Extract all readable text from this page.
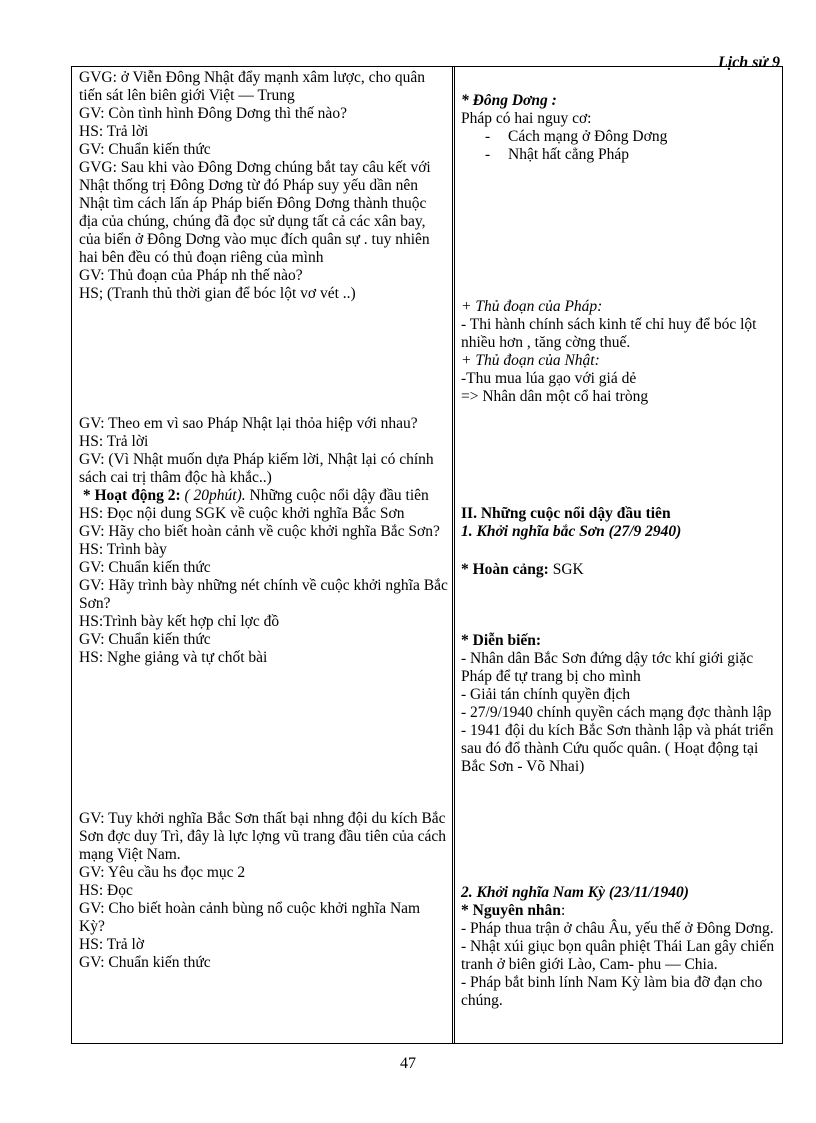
Lịch sử 9

GVG: ở Viễn Đông Nhật đẩy mạnh xâm lược, cho quân tiến sát lên biên giới Việt — Trung

GV: Còn tình hình Đông Dơng thì thế nào?

HS: Trả lời

GV: Chuẩn kiến thức

GVG: Sau khi vào Đông Dơng chúng bắt tay câu kết với Nhật thống trị Đông Dơng từ đó Pháp suy yếu dần nên Nhật tìm cách lấn áp Pháp biến Đông Dơng thành thuộc địa của chúng, chúng đã đọc sử dụng tất cả các xân bay, của biển ở Đông Dơng vào mục đích quân sự . tuy nhiên hai bên đều có thủ đoạn riêng của mình

GV: Thủ đoạn của Pháp nh thế nào?

HS; (Tranh thủ thời gian để bóc lột vơ vét ..)

GV: Theo em vì sao Pháp Nhật lại thỏa hiệp với nhau?

HS: Trả lời

GV: (Vì Nhật muốn dựa Pháp kiếm lời, Nhật lại có chính sách cai trị thâm độc hà khắc..)

* Hoạt động 2: ( 20phút). Những cuộc nổi dậy đầu tiên

HS: Đọc nội dung SGK về cuộc khởi nghĩa Bắc Sơn

GV: Hãy cho biết hoàn cảnh về cuộc khởi nghĩa Bắc Sơn?

HS: Trình bày

GV: Chuẩn kiến thức

GV: Hãy trình bày những nét chính về cuộc khởi nghĩa Bắc Sơn?

HS:Trình bày kết hợp chỉ lợc đồ

GV: Chuẩn kiến thức

HS: Nghe giảng và tự chốt bài

GV: Tuy khởi nghĩa Bắc Sơn thất bại nhng đội du kích Bắc Sơn đợc duy Trì, đây là lực lợng vũ trang đầu tiên của cách mạng Việt Nam.

GV: Yêu cầu hs đọc mục 2

HS: Đọc

GV: Cho biết hoàn cảnh bùng nổ cuộc khởi nghĩa Nam Kỳ?

HS: Trả lờ

GV: Chuẩn kiến thức

* Đông Dơng :

Pháp có hai nguy cơ:

- Cách mạng ở Đông Dơng

- Nhật hất cẳng Pháp

+ Thủ đoạn của Pháp:

- Thi hành chính sách kinh tế chỉ huy để bóc lột nhiều hơn , tăng cờng thuế.

+ Thủ đoạn của Nhật:

-Thu mua lúa gạo với giá dẻ

=> Nhân dân một cổ hai tròng

II. Những cuộc nổi dậy đầu tiên

1. Khởi nghĩa bắc Sơn (27/9 2940)

* Hoàn cảng: SGK

* Diễn biến:

- Nhân dân Bắc Sơn đứng dậy tớc khí giới giặc Pháp để tự trang bị cho mình

- Giải tán chính quyền địch

- 27/9/1940 chính quyền cách mạng đợc thành lập

- 1941 đội du kích Bắc Sơn thành lập và phát triển sau đó đổ thành Cứu quốc quân. ( Hoạt động tại Bắc Sơn - Võ Nhai)

2. Khởi nghĩa Nam Kỳ (23/11/1940)

* Nguyên nhân:

- Pháp thua trận ở châu Âu, yếu thế ở Đông Dơng.

- Nhật xúi giục bọn quân phiệt Thái Lan gây chiến tranh ở biên giới Lào, Cam- phu — Chia.

- Pháp bắt binh lính Nam Kỳ làm bia đỡ đạn cho chúng.

47
